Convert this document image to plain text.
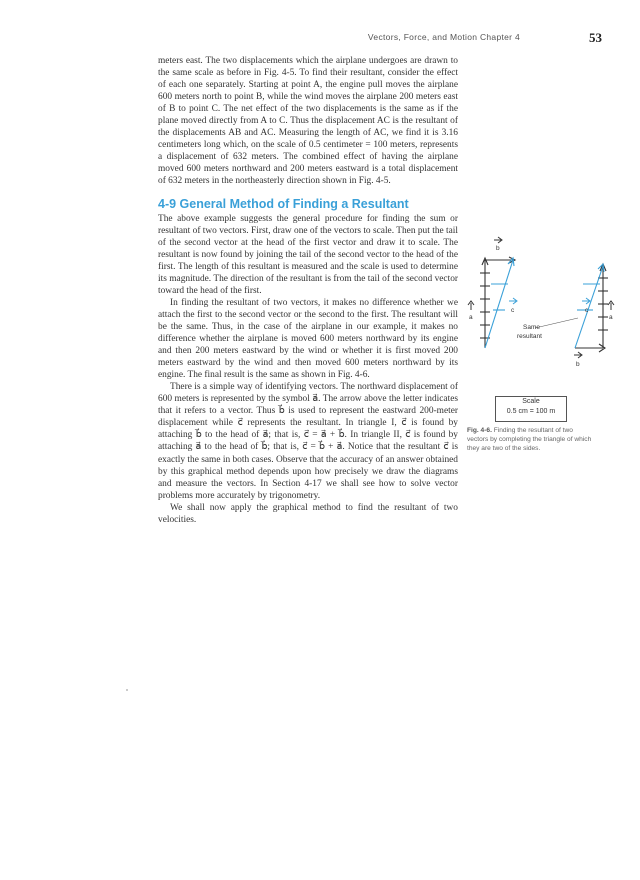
Vectors, Force, and Motion Chapter 4	53

meters east. The two displacements which the airplane undergoes are drawn to the same scale as before in Fig. 4-5. To find their resultant, consider the effect of each one separately. Starting at point A, the engine pull moves the airplane 600 meters north to point B, while the wind moves the airplane 200 meters east of B to point C. The net effect of the two displacements is the same as if the plane moved directly from A to C. Thus the displacement AC is the resultant of the displacements AB and AC. Measuring the length of AC, we find it is 3.16 centimeters long which, on the scale of 0.5 centimeter = 100 meters, represents a displacement of 632 meters. The combined effect of having the airplane moved 600 meters northward and 200 meters eastward is a total displacement of 632 meters in the northeasterly direction shown in Fig. 4-5.

4-9 General Method of Finding a Resultant

The above example suggests the general procedure for finding the sum or resultant of two vectors. First, draw one of the vectors to scale. Then put the tail of the second vector at the head of the first vector and draw it to scale. The resultant is now found by joining the tail of the second vector to the head of the first. The length of this resultant is measured and the scale is used to determine its magnitude. The direction of the resultant is from the tail of the second vector toward the head of the first.

In finding the resultant of two vectors, it makes no difference whether we attach the first to the second vector or the second to the first. The resultant will be the same. Thus, in the case of the airplane in our example, it makes no difference whether the airplane is moved 600 meters northward by its engine and then 200 meters eastward by the wind or whether it is first moved 200 meters eastward by the wind and then moved 600 meters northward by its engine. The final result is the same as shown in Fig. 4-6.

There is a simple way of identifying vectors. The northward displacement of 600 meters is represented by the symbol a⃗. The arrow above the letter indicates that it refers to a vector. Thus b⃗ is used to represent the eastward 200-meter displacement while c⃗ represents the resultant. In triangle I, c⃗ is found by attaching b⃗ to the head of a⃗; that is, c⃗ = a⃗ + b⃗. In triangle II, c⃗ is found by attaching a⃗ to the head of b⃗; that is, c⃗ = b⃗ + a⃗. Notice that the resultant c⃗ is exactly the same in both cases. Observe that the accuracy of an answer obtained by this graphical method depends upon how precisely we draw the diagrams and measure the vectors. In Section 4-17 we shall see how to solve vector problems more accurately by trigonometry.

We shall now apply the graphical method to find the resultant of two velocities.

b
a
c	c
a
b
Same
resultant
Scale
0.5 cm = 100 m
Fig. 4-6. Finding the resultant of two vectors by completing the triangle of which they are two of the sides.
